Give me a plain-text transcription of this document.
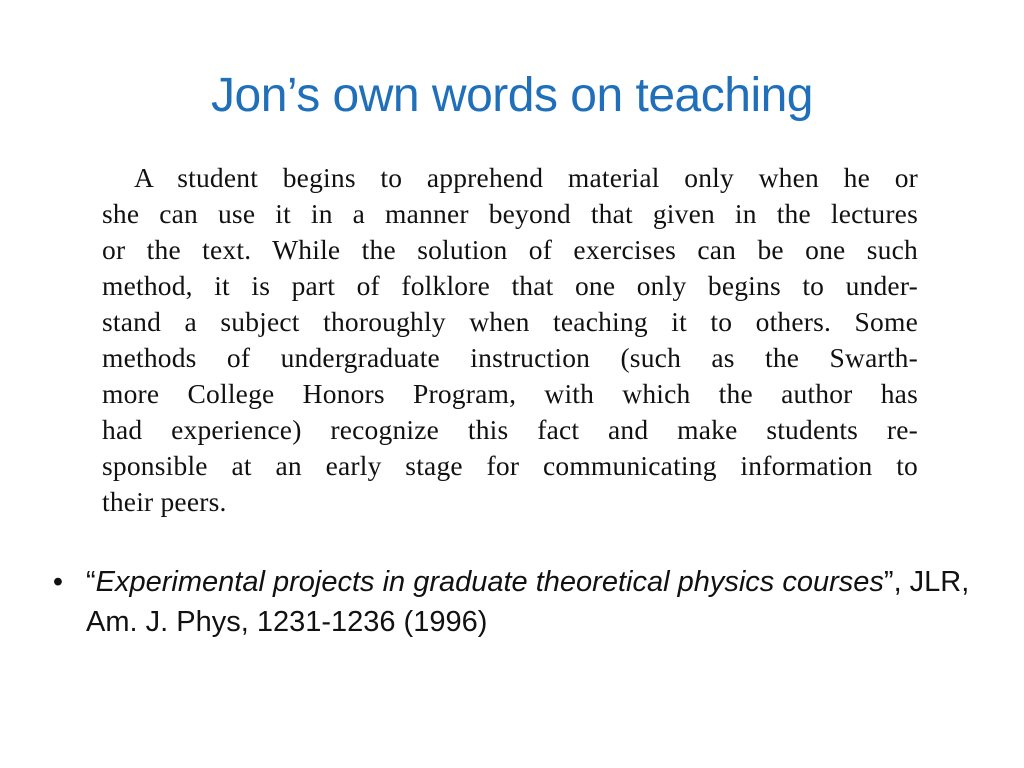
Jon’s own words on teaching
A student begins to apprehend material only when he or
she can use it in a manner beyond that given in the lectures
or the text. While the solution of exercises can be one such
method, it is part of folklore that one only begins to under-
stand a subject thoroughly when teaching it to others. Some
methods of undergraduate instruction (such as the Swarth-
more College Honors Program, with which the author has
had experience) recognize this fact and make students re-
sponsible at an early stage for communicating information to
their peers.
• “Experimental projects in graduate theoretical physics courses”, JLR, Am. J. Phys, 1231-1236 (1996)
